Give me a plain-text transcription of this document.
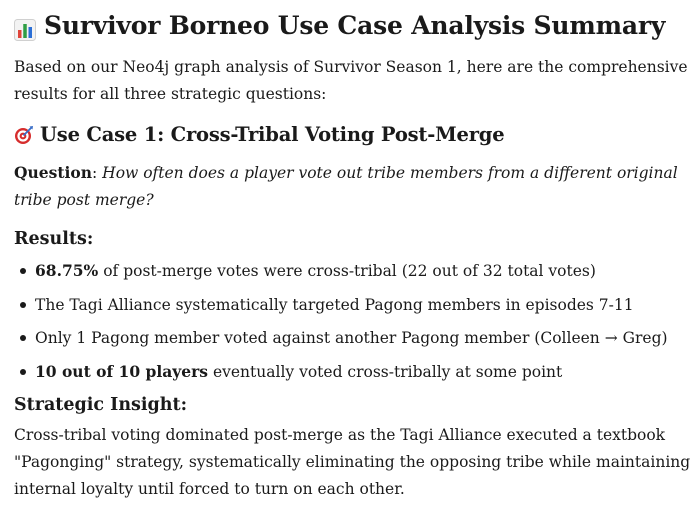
Survivor Borneo Use Case Analysis Summary

Based on our Neo4j graph analysis of Survivor Season 1, here are the comprehensive results for all three strategic questions:

Use Case 1: Cross-Tribal Voting Post-Merge

Question: How often does a player vote out tribe members from a different original tribe post merge?

Results:
68.75% of post-merge votes were cross-tribal (22 out of 32 total votes)
The Tagi Alliance systematically targeted Pagong members in episodes 7-11
Only 1 Pagong member voted against another Pagong member (Colleen → Greg)
10 out of 10 players eventually voted cross-tribally at some point
Strategic Insight:

Cross-tribal voting dominated post-merge as the Tagi Alliance executed a textbook "Pagonging" strategy, systematically eliminating the opposing tribe while maintaining internal loyalty until forced to turn on each other.
